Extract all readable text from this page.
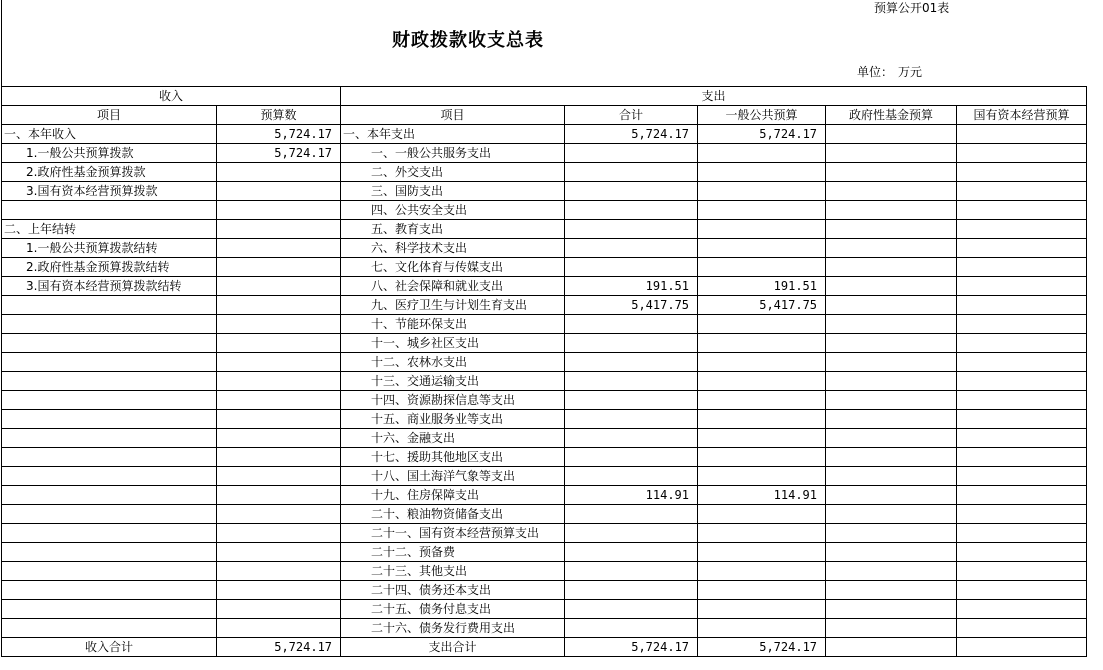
预算公开01表
财政拨款收支总表
单位： 万元
收入		支出				
项目	预算数	项目	合计	一般公共预算	政府性基金预算	国有资本经营预算
一、本年收入	5,724.17	一、本年支出	5,724.17	5,724.17		
1.一般公共预算拨款	5,724.17	一、一般公共服务支出				
2.政府性基金预算拨款		二、外交支出				
3.国有资本经营预算拨款		三、国防支出				
		四、公共安全支出				
二、上年结转		五、教育支出				
1.一般公共预算拨款结转		六、科学技术支出				
2.政府性基金预算拨款结转		七、文化体育与传媒支出				
3.国有资本经营预算拨款结转		八、社会保障和就业支出	191.51	191.51		
		九、医疗卫生与计划生育支出	5,417.75	5,417.75		
		十、节能环保支出				
		十一、城乡社区支出				
		十二、农林水支出				
		十三、交通运输支出				
		十四、资源勘探信息等支出				
		十五、商业服务业等支出				
		十六、金融支出				
		十七、援助其他地区支出				
		十八、国土海洋气象等支出				
		十九、住房保障支出	114.91	114.91		
		二十、粮油物资储备支出				
		二十一、国有资本经营预算支出				
		二十二、预备费				
		二十三、其他支出				
		二十四、债务还本支出				
		二十五、债务付息支出				
		二十六、债务发行费用支出				
收入合计	5,724.17	支出合计	5,724.17	5,724.17		
